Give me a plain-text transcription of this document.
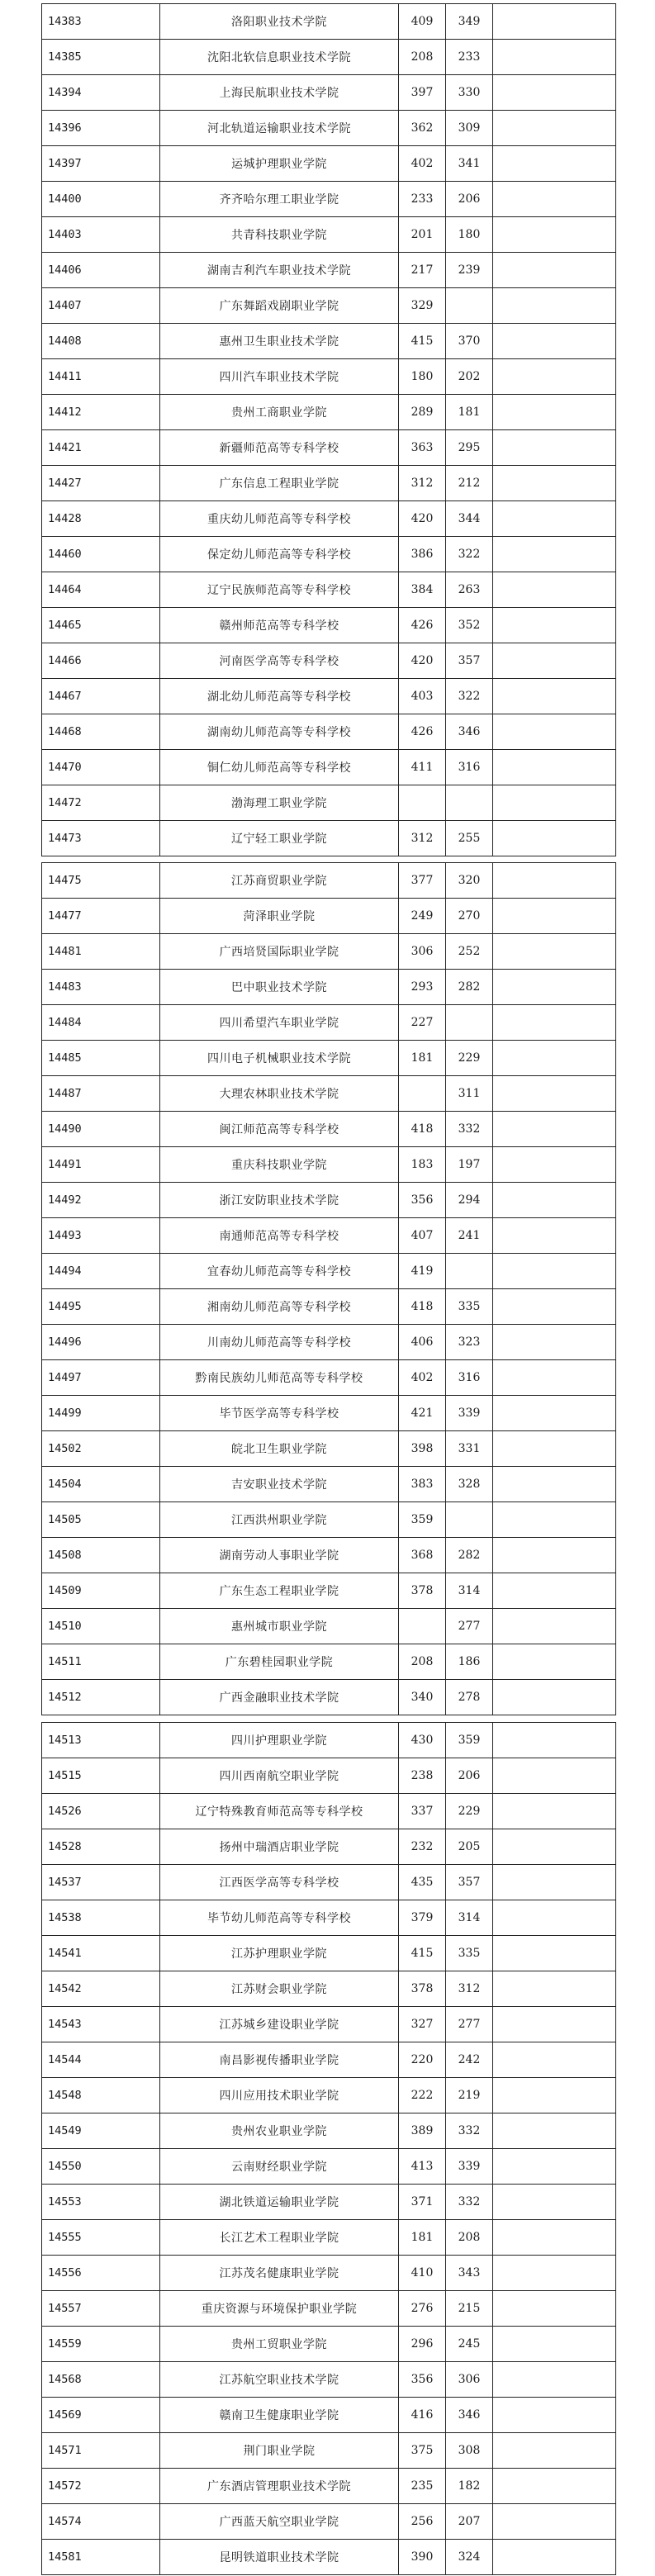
14383	洛阳职业技术学院	409	349	
14385	沈阳北软信息职业技术学院	208	233	
14394	上海民航职业技术学院	397	330	
14396	河北轨道运输职业技术学院	362	309	
14397	运城护理职业学院	402	341	
14400	齐齐哈尔理工职业学院	233	206	
14403	共青科技职业学院	201	180	
14406	湖南吉利汽车职业技术学院	217	239	
14407	广东舞蹈戏剧职业学院	329		
14408	惠州卫生职业技术学院	415	370	
14411	四川汽车职业技术学院	180	202	
14412	贵州工商职业学院	289	181	
14421	新疆师范高等专科学校	363	295	
14427	广东信息工程职业学院	312	212	
14428	重庆幼儿师范高等专科学校	420	344	
14460	保定幼儿师范高等专科学校	386	322	
14464	辽宁民族师范高等专科学校	384	263	
14465	赣州师范高等专科学校	426	352	
14466	河南医学高等专科学校	420	357	
14467	湖北幼儿师范高等专科学校	403	322	
14468	湖南幼儿师范高等专科学校	426	346	
14470	铜仁幼儿师范高等专科学校	411	316	
14472	渤海理工职业学院			
14473	辽宁轻工职业学院	312	255	
14475	江苏商贸职业学院	377	320	
14477	菏泽职业学院	249	270	
14481	广西培贤国际职业学院	306	252	
14483	巴中职业技术学院	293	282	
14484	四川希望汽车职业学院	227		
14485	四川电子机械职业技术学院	181	229	
14487	大理农林职业技术学院		311	
14490	闽江师范高等专科学校	418	332	
14491	重庆科技职业学院	183	197	
14492	浙江安防职业技术学院	356	294	
14493	南通师范高等专科学校	407	241	
14494	宜春幼儿师范高等专科学校	419		
14495	湘南幼儿师范高等专科学校	418	335	
14496	川南幼儿师范高等专科学校	406	323	
14497	黔南民族幼儿师范高等专科学校	402	316	
14499	毕节医学高等专科学校	421	339	
14502	皖北卫生职业学院	398	331	
14504	吉安职业技术学院	383	328	
14505	江西洪州职业学院	359		
14508	湖南劳动人事职业学院	368	282	
14509	广东生态工程职业学院	378	314	
14510	惠州城市职业学院		277	
14511	广东碧桂园职业学院	208	186	
14512	广西金融职业技术学院	340	278	
14513	四川护理职业学院	430	359	
14515	四川西南航空职业学院	238	206	
14526	辽宁特殊教育师范高等专科学校	337	229	
14528	扬州中瑞酒店职业学院	232	205	
14537	江西医学高等专科学校	435	357	
14538	毕节幼儿师范高等专科学校	379	314	
14541	江苏护理职业学院	415	335	
14542	江苏财会职业学院	378	312	
14543	江苏城乡建设职业学院	327	277	
14544	南昌影视传播职业学院	220	242	
14548	四川应用技术职业学院	222	219	
14549	贵州农业职业学院	389	332	
14550	云南财经职业学院	413	339	
14553	湖北铁道运输职业学院	371	332	
14555	长江艺术工程职业学院	181	208	
14556	江苏茂名健康职业学院	410	343	
14557	重庆资源与环境保护职业学院	276	215	
14559	贵州工贸职业学院	296	245	
14568	江苏航空职业技术学院	356	306	
14569	赣南卫生健康职业学院	416	346	
14571	荆门职业学院	375	308	
14572	广东酒店管理职业技术学院	235	182	
14574	广西蓝天航空职业学院	256	207	
14581	昆明铁道职业技术学院	390	324	
